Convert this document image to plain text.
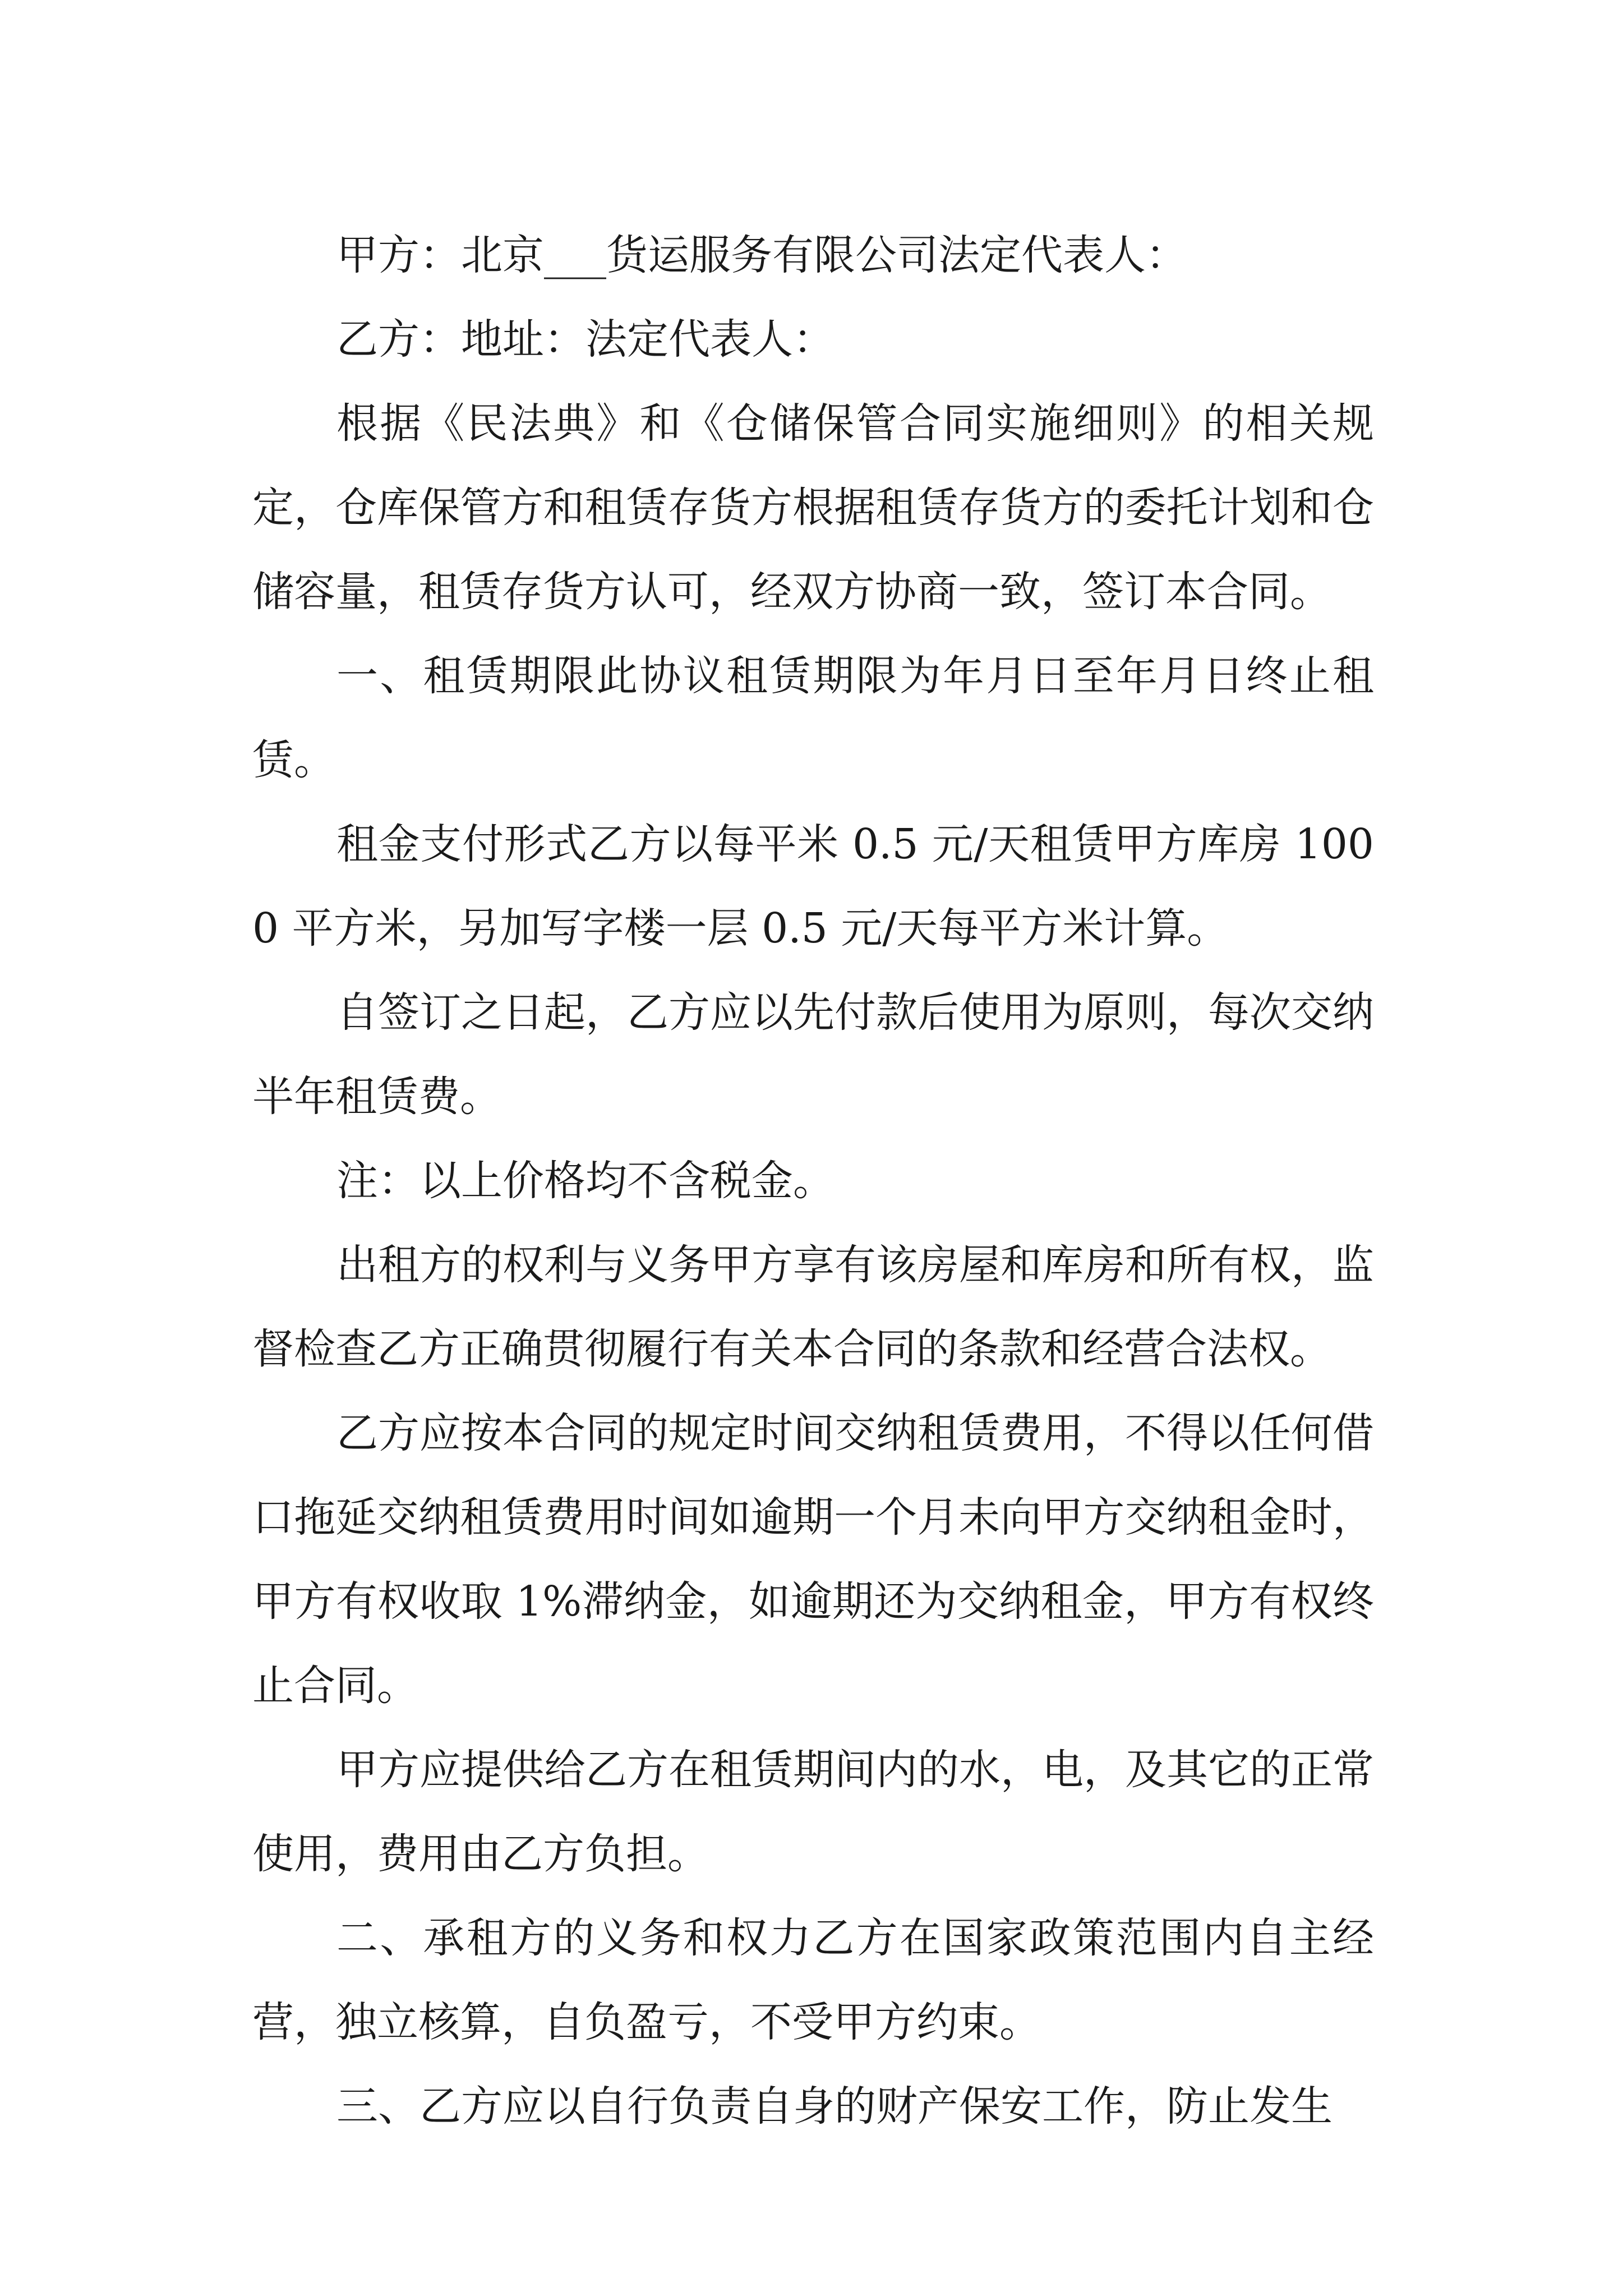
甲方：北京___货运服务有限公司法定代表人：

乙方：地址：法定代表人：

根据《民法典》和《仓储保管合同实施细则》的相关规定，仓库保管方和租赁存货方根据租赁存货方的委托计划和仓储容量，租赁存货方认可，经双方协商一致，签订本合同。

一、租赁期限此协议租赁期限为年月日至年月日终止租赁。

租金支付形式乙方以每平米 0.5 元/天租赁甲方库房 1000 平方米，另加写字楼一层 0.5 元/天每平方米计算。

自签订之日起，乙方应以先付款后使用为原则，每次交纳半年租赁费。

注：以上价格均不含税金。

出租方的权利与义务甲方享有该房屋和库房和所有权，监督检查乙方正确贯彻履行有关本合同的条款和经营合法权。

乙方应按本合同的规定时间交纳租赁费用，不得以任何借口拖延交纳租赁费用时间如逾期一个月未向甲方交纳租金时，甲方有权收取 1%滞纳金，如逾期还为交纳租金，甲方有权终止合同。

甲方应提供给乙方在租赁期间内的水，电，及其它的正常使用，费用由乙方负担。

二、承租方的义务和权力乙方在国家政策范围内自主经营，独立核算，自负盈亏，不受甲方约束。

三、乙方应以自行负责自身的财产保安工作，防止发生
